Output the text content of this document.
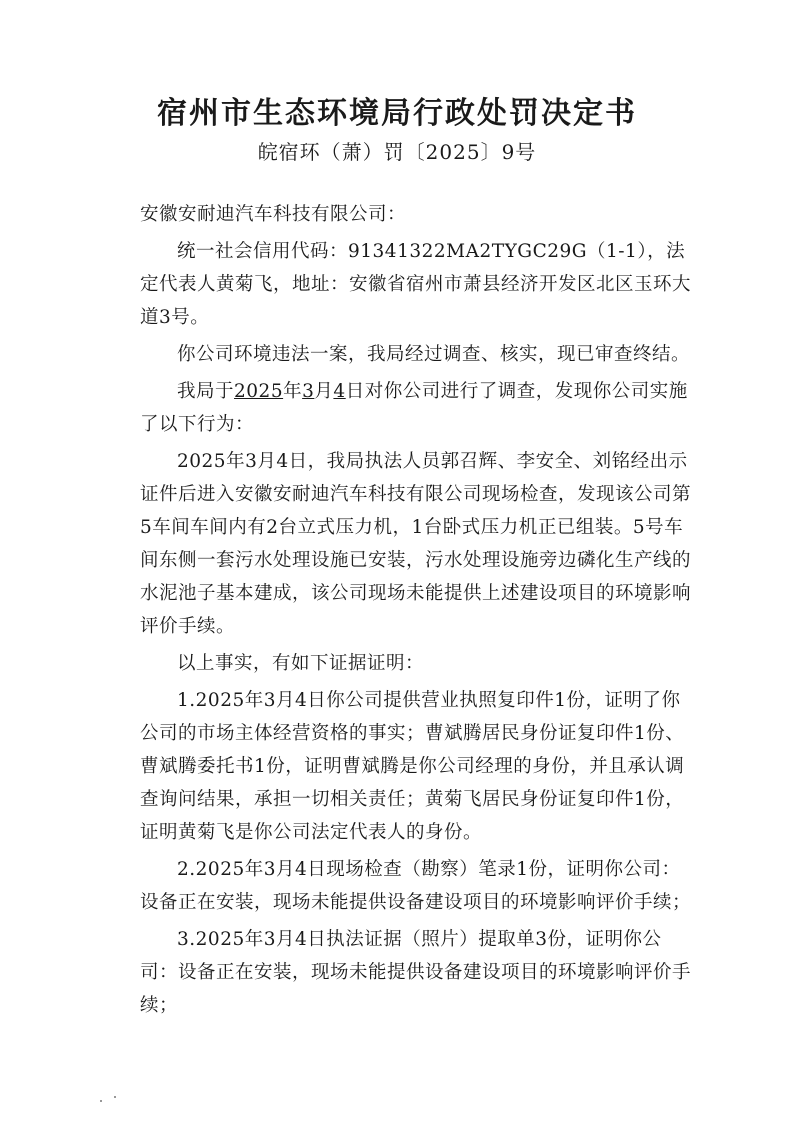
宿州市生态环境局行政处罚决定书
皖宿环（萧）罚〔2025〕9号

安徽安耐迪汽车科技有限公司：

统一社会信用代码：91341322MA2TYGC29G（1-1），法定代表人黄菊飞，地址：安徽省宿州市萧县经济开发区北区玉环大道3号。

你公司环境违法一案，我局经过调查、核实，现已审查终结。

我局于2025年3月4日对你公司进行了调查，发现你公司实施了以下行为：

2025年3月4日，我局执法人员郭召辉、李安全、刘铭经出示证件后进入安徽安耐迪汽车科技有限公司现场检查，发现该公司第5车间车间内有2台立式压力机，1台卧式压力机正已组装。5号车间东侧一套污水处理设施已安装，污水处理设施旁边磷化生产线的水泥池子基本建成，该公司现场未能提供上述建设项目的环境影响评价手续。

以上事实，有如下证据证明：

1.2025年3月4日你公司提供营业执照复印件1份，证明了你公司的市场主体经营资格的事实；曹斌腾居民身份证复印件1份、曹斌腾委托书1份，证明曹斌腾是你公司经理的身份，并且承认调查询问结果，承担一切相关责任；黄菊飞居民身份证复印件1份，证明黄菊飞是你公司法定代表人的身份。

2.2025年3月4日现场检查（勘察）笔录1份，证明你公司：设备正在安装，现场未能提供设备建设项目的环境影响评价手续；

3.2025年3月4日执法证据（照片）提取单3份，证明你公司：设备正在安装，现场未能提供设备建设项目的环境影响评价手续；
